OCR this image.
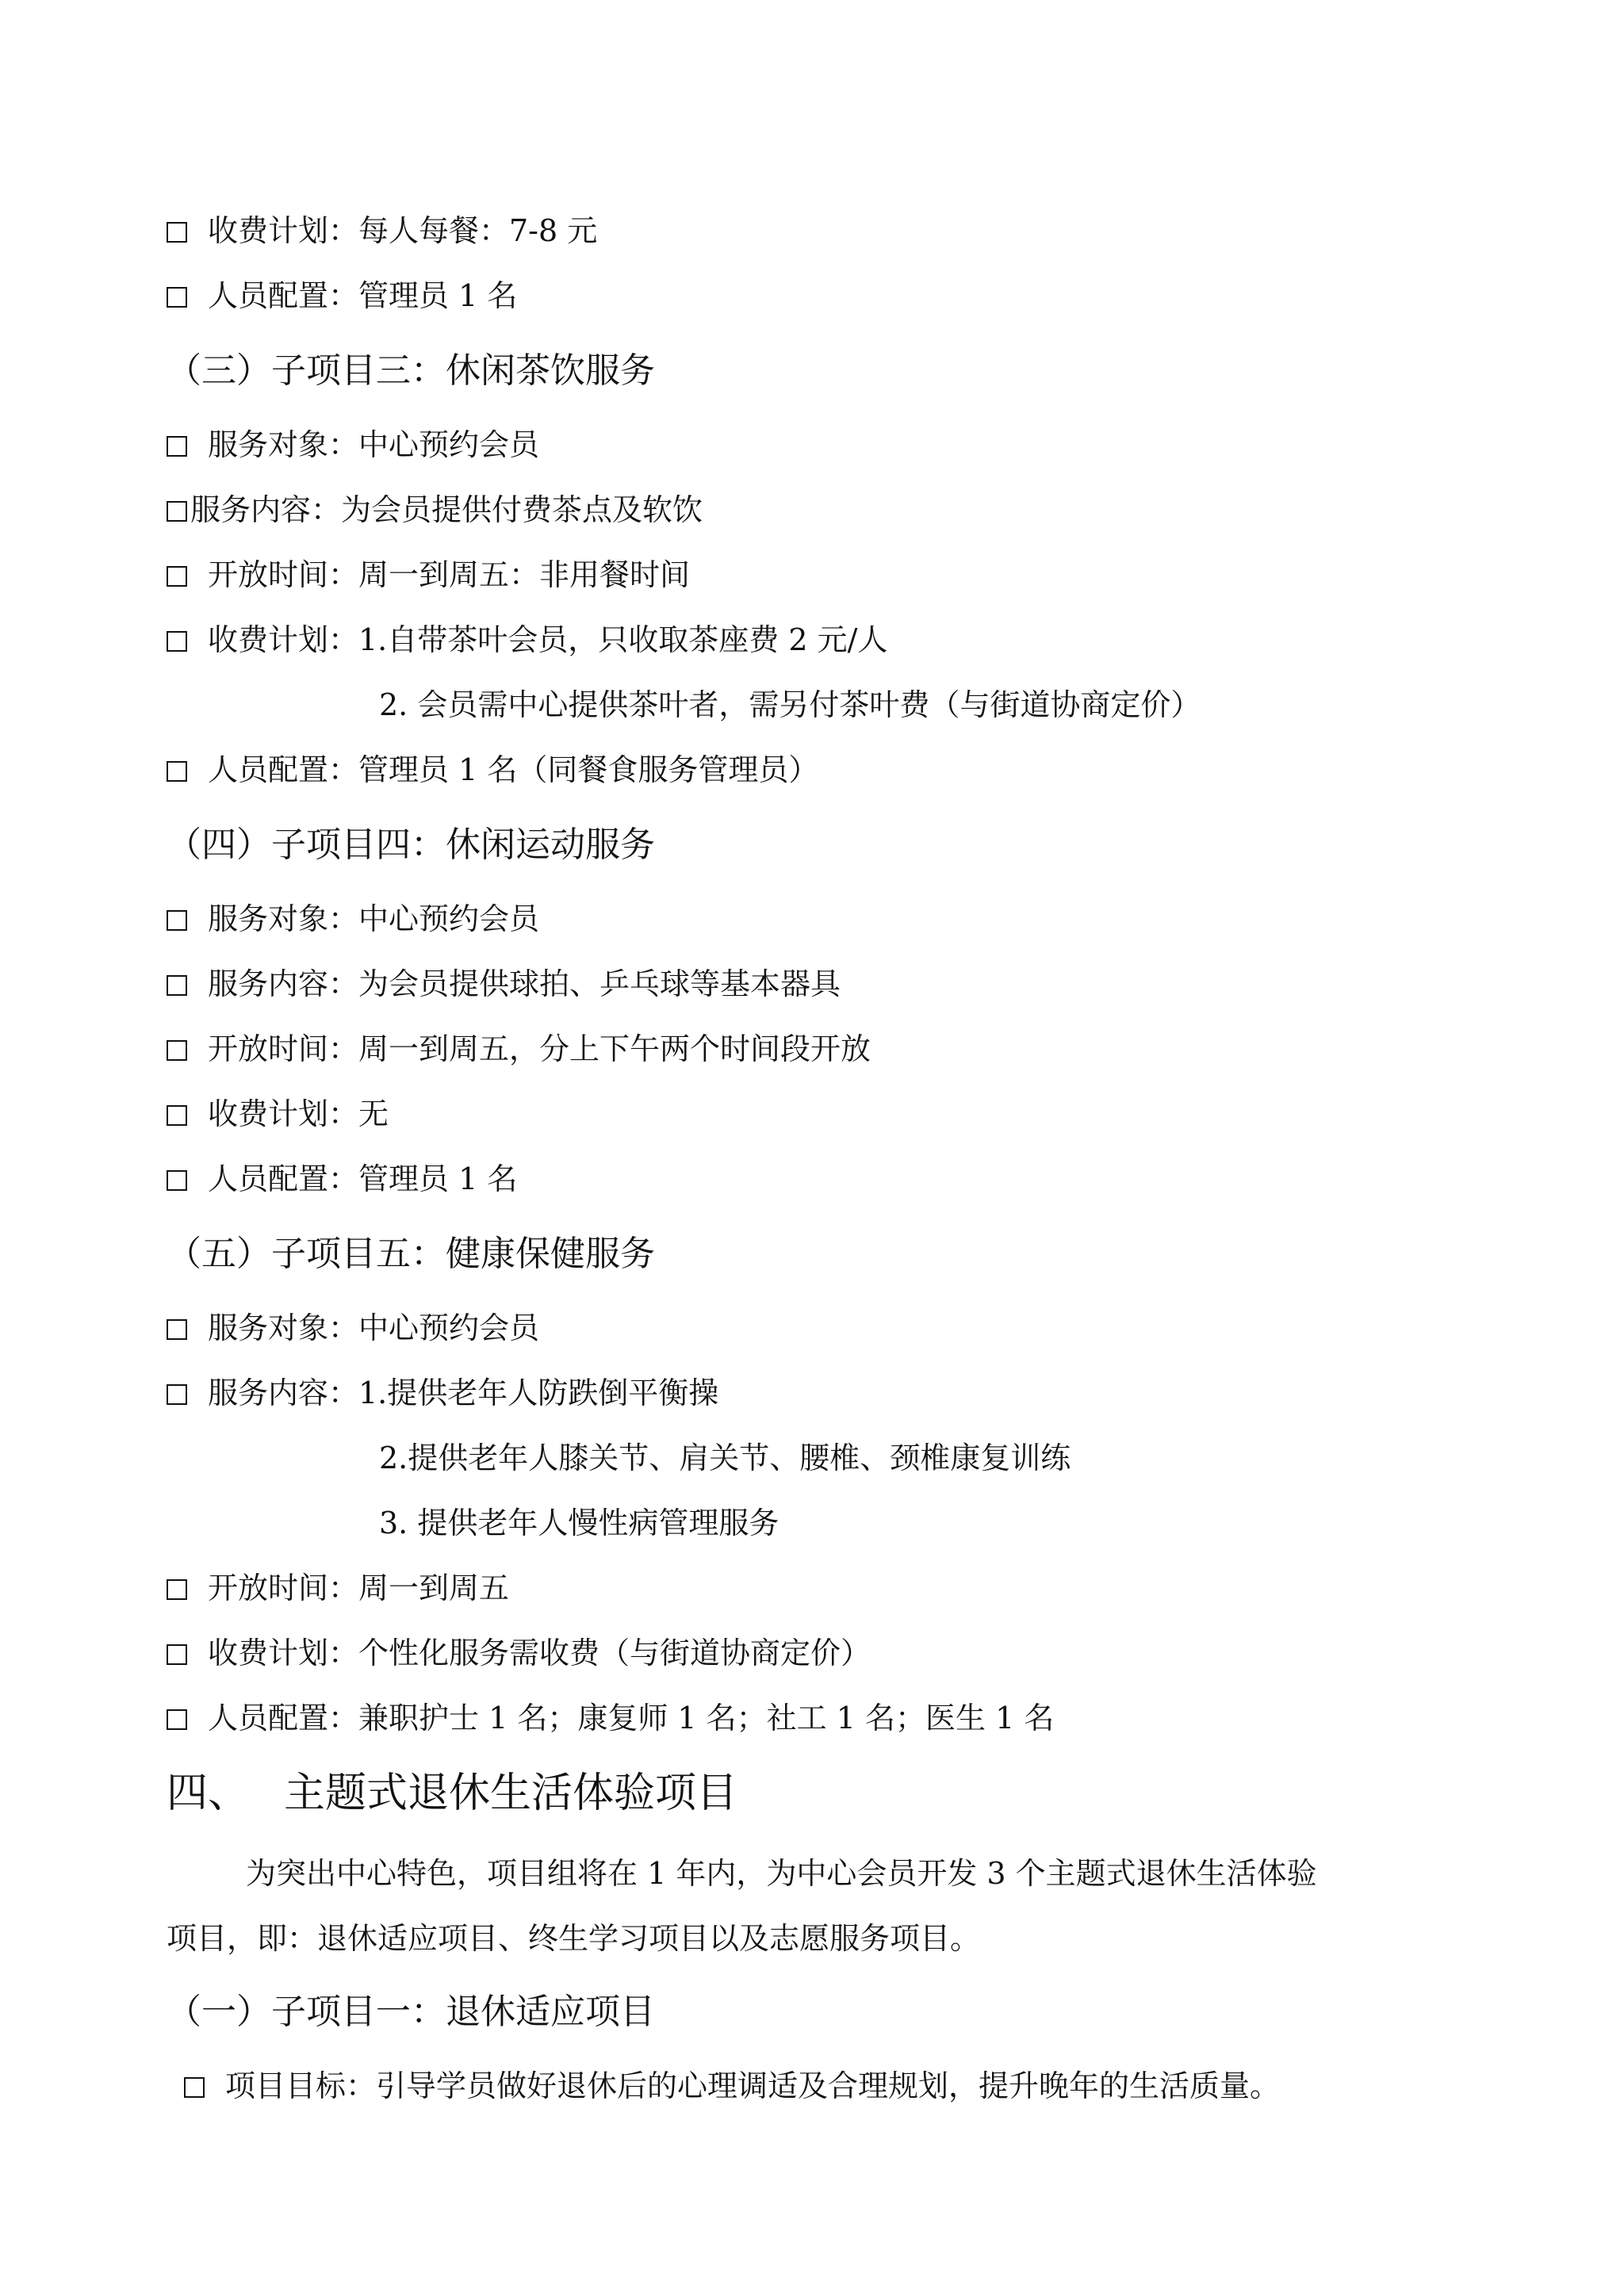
收费计划：每人每餐：7-8 元
人员配置：管理员 1 名
（三）子项目三：休闲茶饮服务
服务对象：中心预约会员
服务内容：为会员提供付费茶点及软饮
开放时间：周一到周五：非用餐时间
收费计划：1.自带茶叶会员，只收取茶座费 2 元/人
2. 会员需中心提供茶叶者，需另付茶叶费（与街道协商定价）
人员配置：管理员 1 名（同餐食服务管理员）
（四）子项目四：休闲运动服务
服务对象：中心预约会员
服务内容：为会员提供球拍、乒乓球等基本器具
开放时间：周一到周五，分上下午两个时间段开放
收费计划：无
人员配置：管理员 1 名
（五）子项目五：健康保健服务
服务对象：中心预约会员
服务内容：1.提供老年人防跌倒平衡操
2.提供老年人膝关节、肩关节、腰椎、颈椎康复训练
3. 提供老年人慢性病管理服务
开放时间：周一到周五
收费计划：个性化服务需收费（与街道协商定价）
人员配置：兼职护士 1 名；康复师 1 名；社工 1 名；医生 1 名
四、 主题式退休生活体验项目
为突出中心特色，项目组将在 1 年内，为中心会员开发 3 个主题式退休生活体验
项目，即：退休适应项目、终生学习项目以及志愿服务项目。
（一）子项目一：退休适应项目
项目目标：引导学员做好退休后的心理调适及合理规划，提升晚年的生活质量。
